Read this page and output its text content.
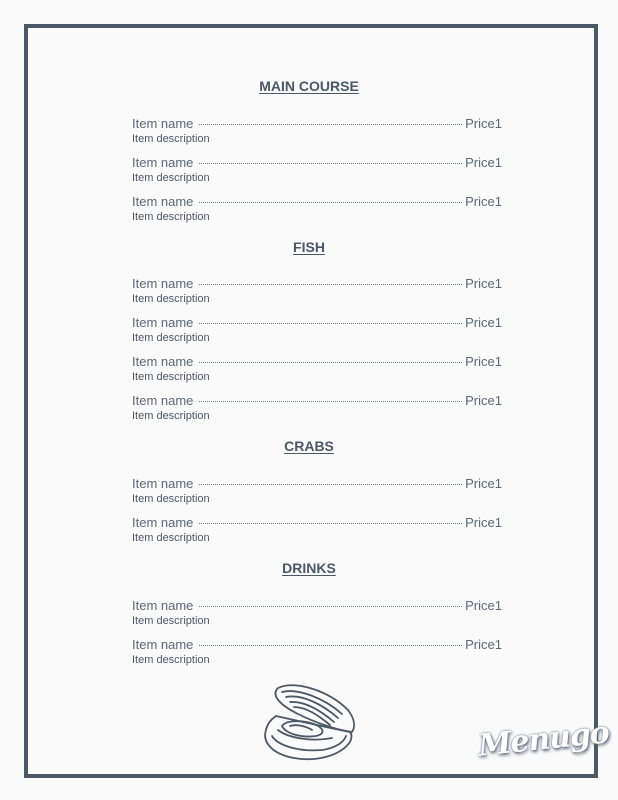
MAIN COURSE
Item name	Price1
Item description
Item name	Price1
Item description
Item name	Price1
Item description
FISH
Item name	Price1
Item description
Item name	Price1
Item description
Item name	Price1
Item description
Item name	Price1
Item description
CRABS
Item name	Price1
Item description
Item name	Price1
Item description
DRINKS
Item name	Price1
Item description
Item name	Price1
Item description
Menugo
